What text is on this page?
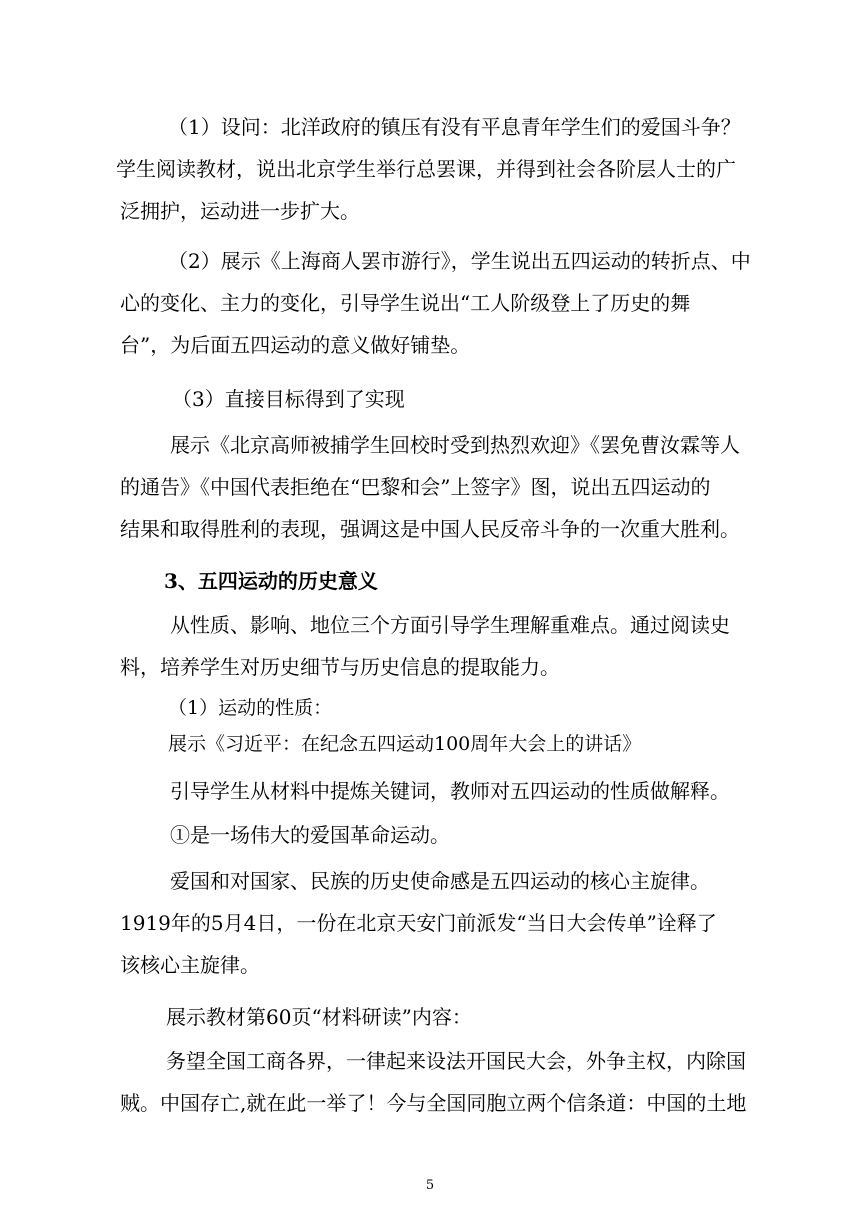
（1）设问：北洋政府的镇压有没有平息青年学生们的爱国斗争？
学生阅读教材，说出北京学生举行总罢课，并得到社会各阶层人士的广
泛拥护，运动进一步扩大。
（2）展示《上海商人罢市游行》，学生说出五四运动的转折点、中
心的变化、主力的变化，引导学生说出“工人阶级登上了历史的舞
台”，为后面五四运动的意义做好铺垫。
（3）直接目标得到了实现
展示《北京高师被捕学生回校时受到热烈欢迎》《罢免曹汝霖等人
的通告》《中国代表拒绝在“巴黎和会”上签字》图，说出五四运动的
结果和取得胜利的表现，强调这是中国人民反帝斗争的一次重大胜利。
3、五四运动的历史意义
从性质、影响、地位三个方面引导学生理解重难点。通过阅读史
料，培养学生对历史细节与历史信息的提取能力。
（1）运动的性质：
展示《习近平：在纪念五四运动100周年大会上的讲话》
引导学生从材料中提炼关键词，教师对五四运动的性质做解释。
①是一场伟大的爱国革命运动。
爱国和对国家、民族的历史使命感是五四运动的核心主旋律。
1919年的5月4日，一份在北京天安门前派发“当日大会传单”诠释了
该核心主旋律。
展示教材第60页“材料研读”内容：
务望全国工商各界，一律起来设法开国民大会，外争主权，内除国
贼。中国存亡,就在此一举了！今与全国同胞立两个信条道：中国的土地
5
